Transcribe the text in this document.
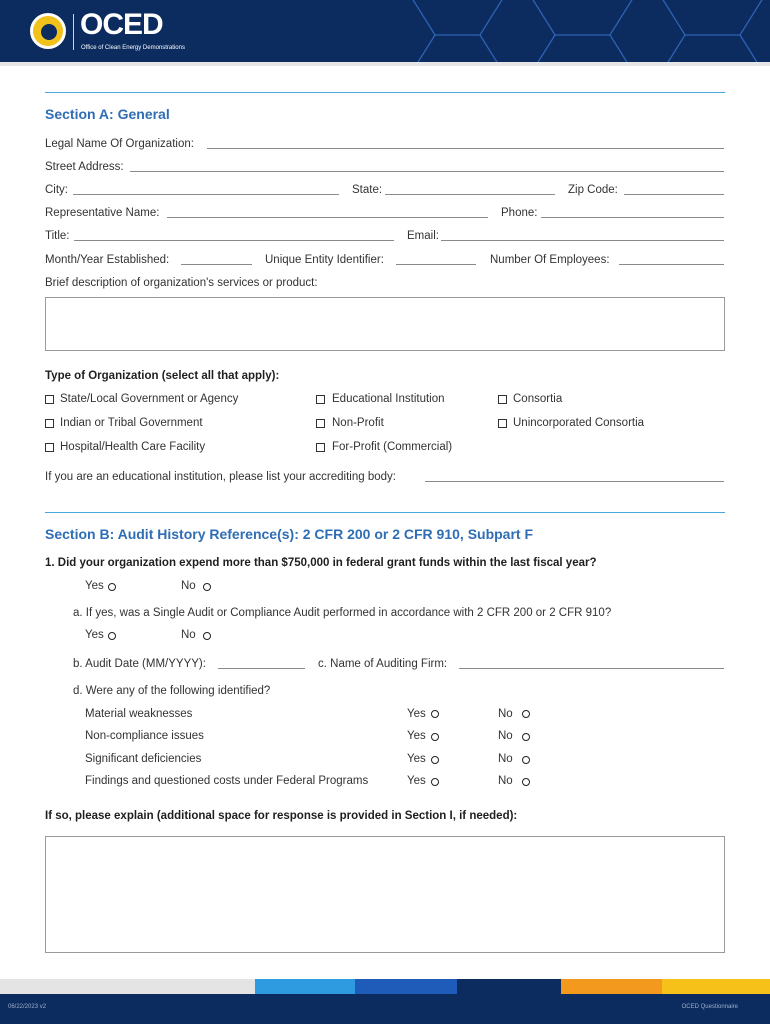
OCED
Office of Clean Energy Demonstrations
Section A: General
Legal Name Of Organization:
Street Address:
City:	State:	Zip Code:
Representative Name:	Phone:
Title:	Email:
Month/Year Established:	Unique Entity Identifier:	Number Of Employees:
Brief description of organization's services or product:
Type of Organization (select all that apply):
State/Local Government or Agency	Educational Institution	Consortia
Indian or Tribal Government	Non-Profit	Unincorporated Consortia
Hospital/Health Care Facility	For-Profit (Commercial)
If you are an educational institution, please list your accrediting body:
Section B: Audit History Reference(s): 2 CFR 200 or 2 CFR 910, Subpart F
1. Did your organization expend more than $750,000 in federal grant funds within the last fiscal year?
Yes	No
a. If yes, was a Single Audit or Compliance Audit performed in accordance with 2 CFR 200 or 2 CFR 910?
Yes	No
b. Audit Date (MM/YYYY):	c. Name of Auditing Firm:
d. Were any of the following identified?
Material weaknesses	Yes	No
Non-compliance issues	Yes	No
Significant deficiencies	Yes	No
Findings and questioned costs under Federal Programs	Yes	No
If so, please explain (additional space for response is provided in Section I, if needed):
06/22/2023 v2	OCED Questionnaire
